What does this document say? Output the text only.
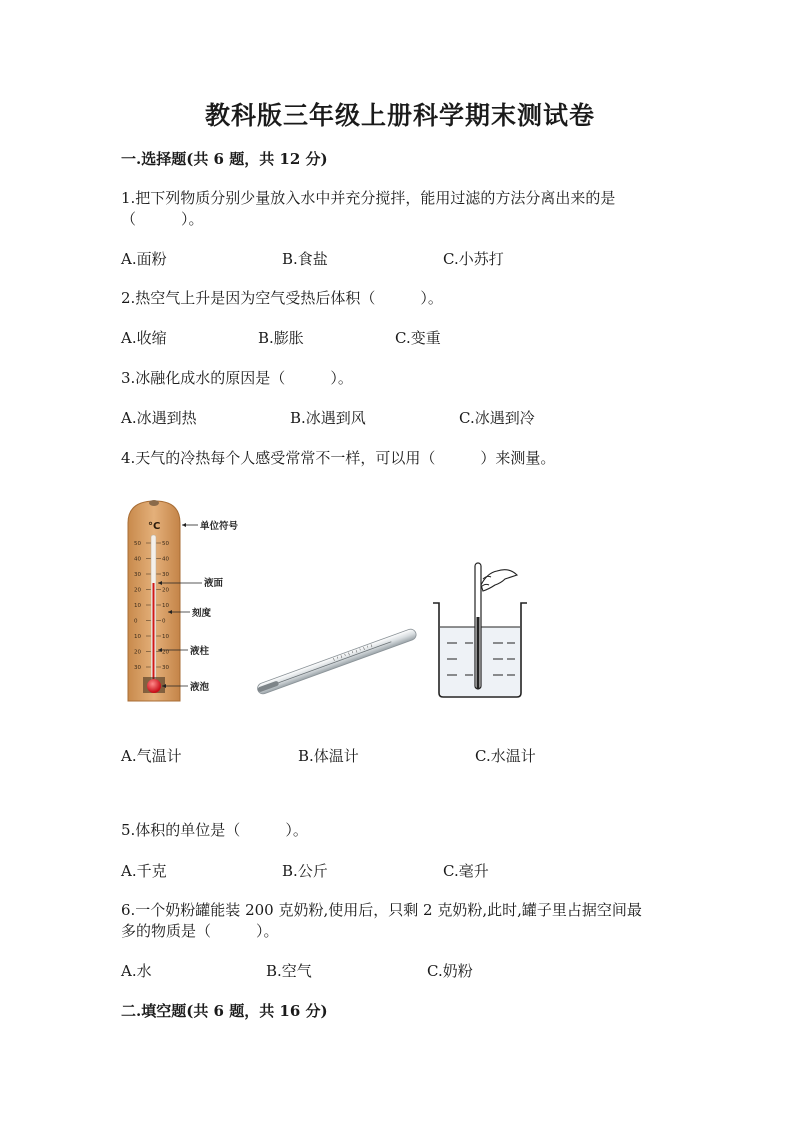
教科版三年级上册科学期末测试卷
一.选择题(共 6 题，共 12 分)
1.把下列物质分别少量放入水中并充分搅拌，能用过滤的方法分离出来的是
（　　　）。
A.面粉	B.食盐	C.小苏打
2.热空气上升是因为空气受热后体积（　　　）。
A.收缩	B.膨胀	C.变重
3.冰融化成水的原因是（　　　）。
A.冰遇到热	B.冰遇到风	C.冰遇到冷
4.天气的冷热每个人感受常常不一样，可以用（　　　）来测量。
°C
50
40
30
20
10
0
10
20
30
50
40
30
20
10
0
10
20
30
单位符号
液面
刻度
液柱
液泡
A.气温计	B.体温计	C.水温计
5.体积的单位是（　　　）。
A.千克	B.公斤	C.毫升
6.一个奶粉罐能装 200 克奶粉,使用后，只剩 2 克奶粉,此时,罐子里占据空间最
多的物质是（　　　）。
A.水	B.空气	C.奶粉
二.填空题(共 6 题，共 16 分)
